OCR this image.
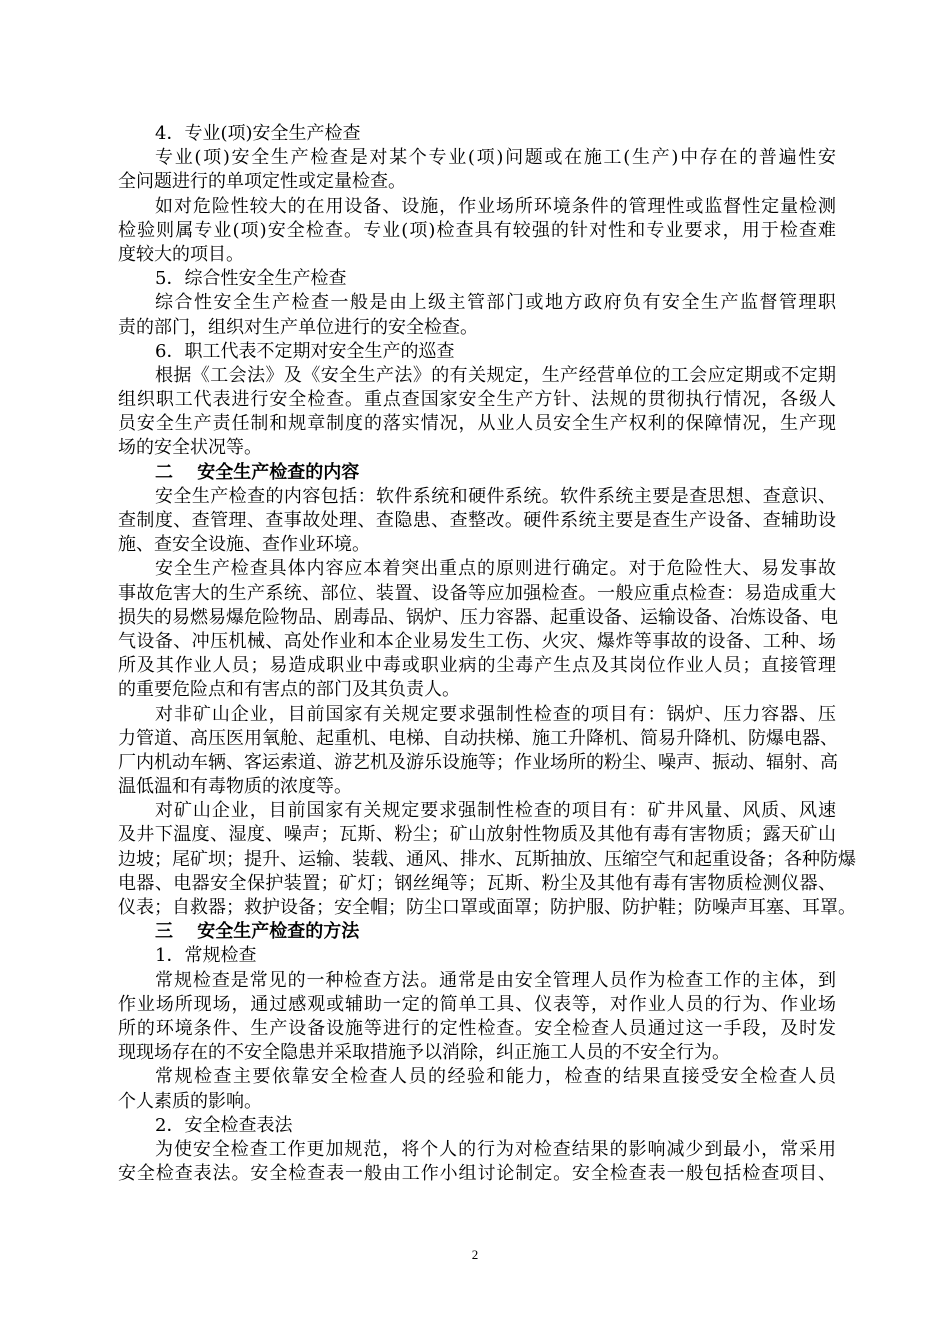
4．专业(项)安全生产检查
专业(项)安全生产检查是对某个专业(项)问题或在施工(生产)中存在的普遍性安
全问题进行的单项定性或定量检查。
如对危险性较大的在用设备、设施，作业场所环境条件的管理性或监督性定量检测
检验则属专业(项)安全检查。专业(项)检查具有较强的针对性和专业要求，用于检查难
度较大的项目。
5．综合性安全生产检查
综合性安全生产检查一般是由上级主管部门或地方政府负有安全生产监督管理职
责的部门，组织对生产单位进行的安全检查。
6．职工代表不定期对安全生产的巡查
根据《工会法》及《安全生产法》的有关规定，生产经营单位的工会应定期或不定期
组织职工代表进行安全检查。重点查国家安全生产方针、法规的贯彻执行情况，各级人
员安全生产责任制和规章制度的落实情况，从业人员安全生产权利的保障情况，生产现
场的安全状况等。
二　 安全生产检查的内容
安全生产检查的内容包括：软件系统和硬件系统。软件系统主要是查思想、查意识、
查制度、查管理、查事故处理、查隐患、查整改。硬件系统主要是查生产设备、查辅助设
施、查安全设施、查作业环境。
安全生产检查具体内容应本着突出重点的原则进行确定。对于危险性大、易发事故
事故危害大的生产系统、部位、装置、设备等应加强检查。一般应重点检查：易造成重大
损失的易燃易爆危险物品、剧毒品、锅炉、压力容器、起重设备、运输设备、冶炼设备、电
气设备、冲压机械、高处作业和本企业易发生工伤、火灾、爆炸等事故的设备、工种、场
所及其作业人员；易造成职业中毒或职业病的尘毒产生点及其岗位作业人员；直接管理
的重要危险点和有害点的部门及其负责人。
对非矿山企业，目前国家有关规定要求强制性检查的项目有：锅炉、压力容器、压
力管道、高压医用氧舱、起重机、电梯、自动扶梯、施工升降机、简易升降机、防爆电器、
厂内机动车辆、客运索道、游艺机及游乐设施等；作业场所的粉尘、噪声、振动、辐射、高
温低温和有毒物质的浓度等。
对矿山企业，目前国家有关规定要求强制性检查的项目有：矿井风量、风质、风速
及井下温度、湿度、噪声；瓦斯、粉尘；矿山放射性物质及其他有毒有害物质；露天矿山
边坡；尾矿坝；提升、运输、装载、通风、排水、瓦斯抽放、压缩空气和起重设备；各种防爆
电器、电器安全保护装置；矿灯；钢丝绳等；瓦斯、粉尘及其他有毒有害物质检测仪器、
仪表；自救器；救护设备；安全帽；防尘口罩或面罩；防护服、防护鞋；防噪声耳塞、耳罩。
三　 安全生产检查的方法
1．常规检查
常规检查是常见的一种检查方法。通常是由安全管理人员作为检查工作的主体，到
作业场所现场，通过感观或辅助一定的简单工具、仪表等，对作业人员的行为、作业场
所的环境条件、生产设备设施等进行的定性检查。安全检查人员通过这一手段，及时发
现现场存在的不安全隐患并采取措施予以消除，纠正施工人员的不安全行为。
常规检查主要依靠安全检查人员的经验和能力，检查的结果直接受安全检查人员
个人素质的影响。
2．安全检查表法
为使安全检查工作更加规范，将个人的行为对检查结果的影响减少到最小，常采用
安全检查表法。安全检查表一般由工作小组讨论制定。安全检查表一般包括检查项目、
2
